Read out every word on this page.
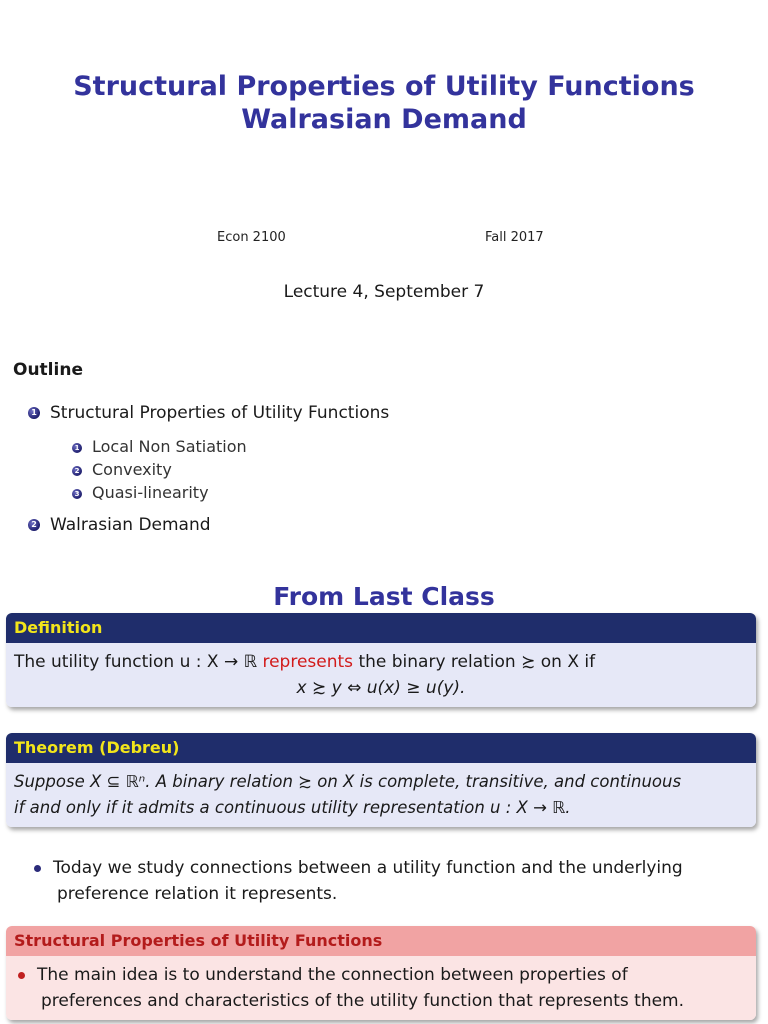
Structural Properties of Utility Functions
Walrasian Demand
Econ 2100	Fall 2017
Lecture 4, September 7
Outline
1 Structural Properties of Utility Functions
1 Local Non Satiation
2 Convexity
3 Quasi-linearity
2 Walrasian Demand
From Last Class
Definition
The utility function u : X → ℝ represents the binary relation ≿ on X if
x ≿ y ⇔ u(x) ≥ u(y).
Theorem (Debreu)
Suppose X ⊆ ℝⁿ. A binary relation ≿ on X is complete, transitive, and continuous
if and only if it admits a continuous utility representation u : X → ℝ.
Today we study connections between a utility function and the underlying
preference relation it represents.
Structural Properties of Utility Functions
The main idea is to understand the connection between properties of
preferences and characteristics of the utility function that represents them.
